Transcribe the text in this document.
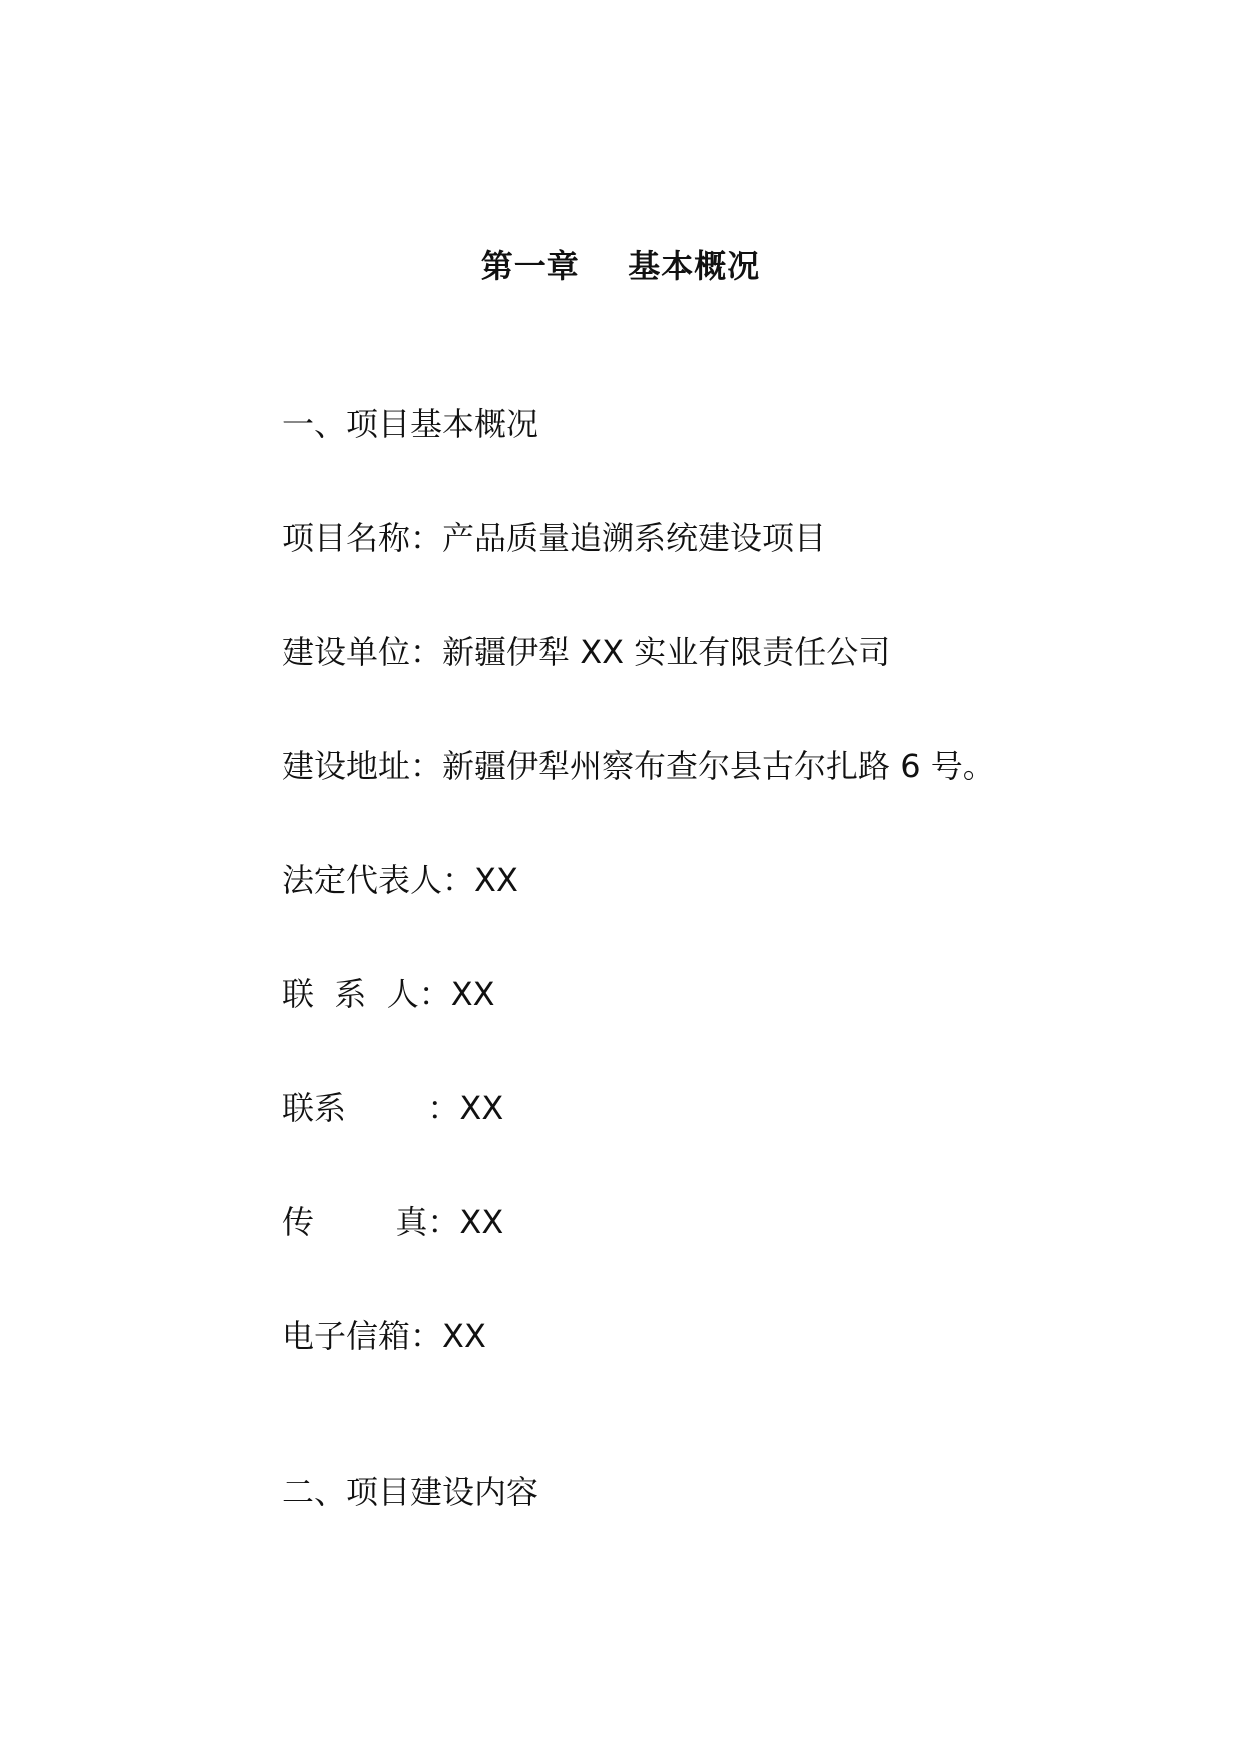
第一章    基本概况
一、项目基本概况
项目名称：产品质量追溯系统建设项目
建设单位：新疆伊犁 XX 实业有限责任公司
建设地址：新疆伊犁州察布查尔县古尔扎路 6 号。
法定代表人：XX
联  系  人：XX
联系        ：XX
传        真：XX
电子信箱：XX
二、项目建设内容
